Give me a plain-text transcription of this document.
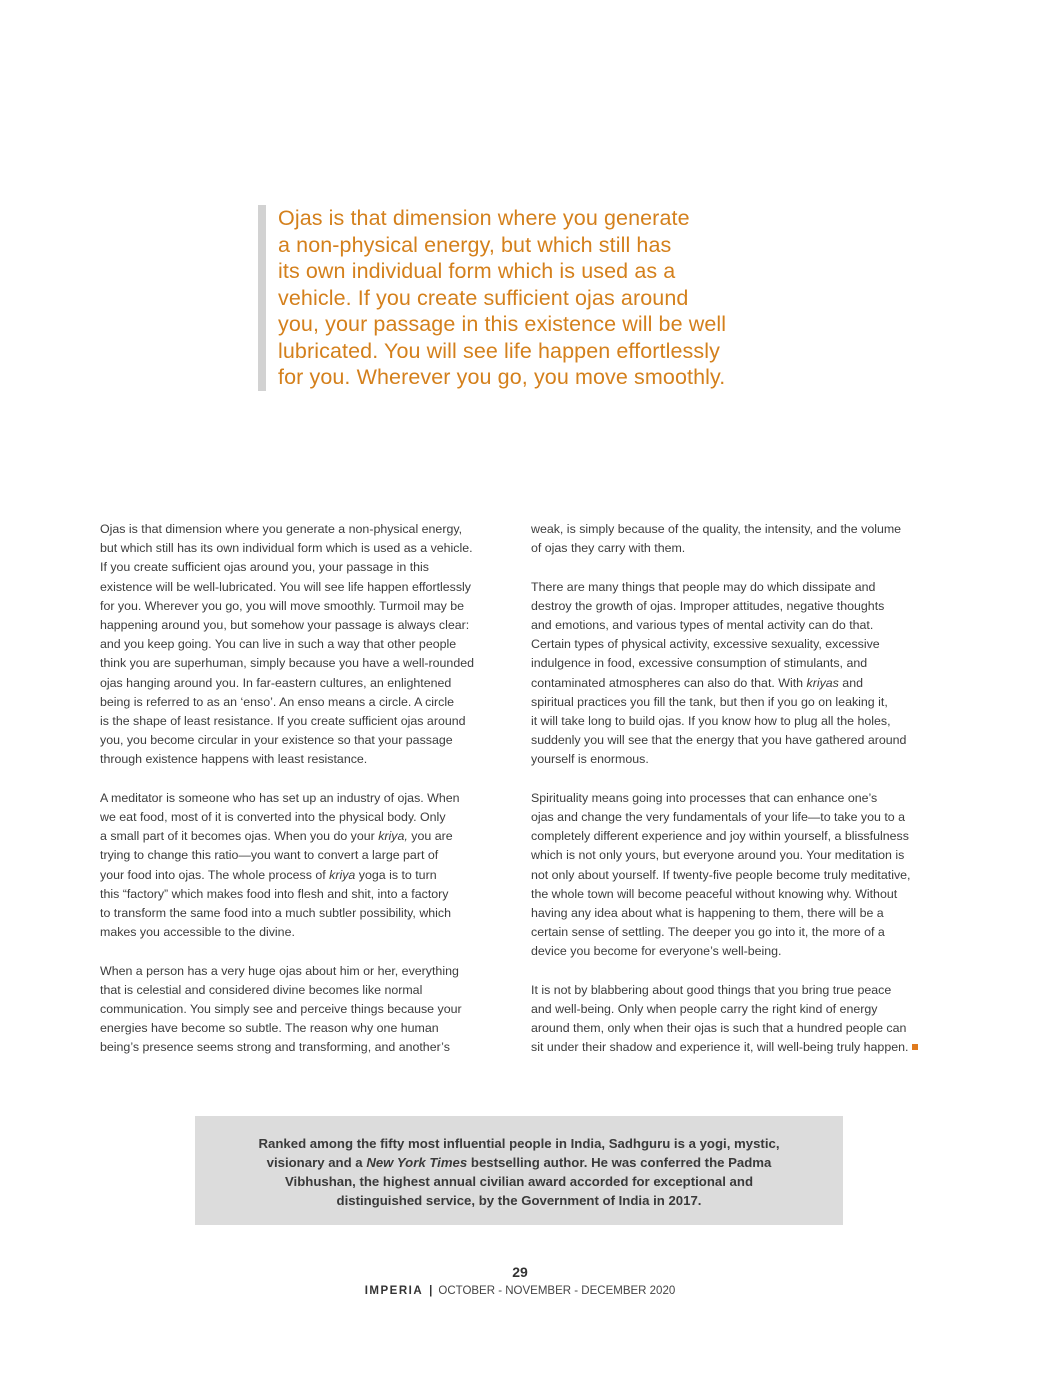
Ojas is that dimension where you generate
a non-physical energy, but which still has
its own individual form which is used as a
vehicle. If you create sufficient ojas around
you, your passage in this existence will be well
lubricated. You will see life happen effortlessly
for you. Wherever you go, you move smoothly.
Ojas is that dimension where you generate a non-physical energy,
but which still has its own individual form which is used as a vehicle.
If you create sufficient ojas around you, your passage in this
existence will be well-lubricated. You will see life happen effortlessly
for you. Wherever you go, you will move smoothly. Turmoil may be
happening around you, but somehow your passage is always clear:
and you keep going. You can live in such a way that other people
think you are superhuman, simply because you have a well-rounded
ojas hanging around you. In far-eastern cultures, an enlightened
being is referred to as an ‘enso’. An enso means a circle. A circle
is the shape of least resistance. If you create sufficient ojas around
you, you become circular in your existence so that your passage
through existence happens with least resistance.
A meditator is someone who has set up an industry of ojas. When
we eat food, most of it is converted into the physical body. Only
a small part of it becomes ojas. When you do your kriya, you are
trying to change this ratio—you want to convert a large part of
your food into ojas. The whole process of kriya yoga is to turn
this “factory” which makes food into flesh and shit, into a factory
to transform the same food into a much subtler possibility, which
makes you accessible to the divine.
When a person has a very huge ojas about him or her, everything
that is celestial and considered divine becomes like normal
communication. You simply see and perceive things because your
energies have become so subtle. The reason why one human
being’s presence seems strong and transforming, and another’s
weak, is simply because of the quality, the intensity, and the volume
of ojas they carry with them.
There are many things that people may do which dissipate and
destroy the growth of ojas. Improper attitudes, negative thoughts
and emotions, and various types of mental activity can do that.
Certain types of physical activity, excessive sexuality, excessive
indulgence in food, excessive consumption of stimulants, and
contaminated atmospheres can also do that. With kriyas and
spiritual practices you fill the tank, but then if you go on leaking it,
it will take long to build ojas. If you know how to plug all the holes,
suddenly you will see that the energy that you have gathered around
yourself is enormous.
Spirituality means going into processes that can enhance one’s
ojas and change the very fundamentals of your life—to take you to a
completely different experience and joy within yourself, a blissfulness
which is not only yours, but everyone around you. Your meditation is
not only about yourself. If twenty-five people become truly meditative,
the whole town will become peaceful without knowing why. Without
having any idea about what is happening to them, there will be a
certain sense of settling. The deeper you go into it, the more of a
device you become for everyone’s well-being.
It is not by blabbering about good things that you bring true peace
and well-being. Only when people carry the right kind of energy
around them, only when their ojas is such that a hundred people can
sit under their shadow and experience it, will well-being truly happen.
Ranked among the fifty most influential people in India, Sadhguru is a yogi, mystic,
visionary and a New York Times bestselling author. He was conferred the Padma
Vibhushan, the highest annual civilian award accorded for exceptional and
distinguished service, by the Government of India in 2017.
29
IMPERIA | OCTOBER - NOVEMBER - DECEMBER 2020
